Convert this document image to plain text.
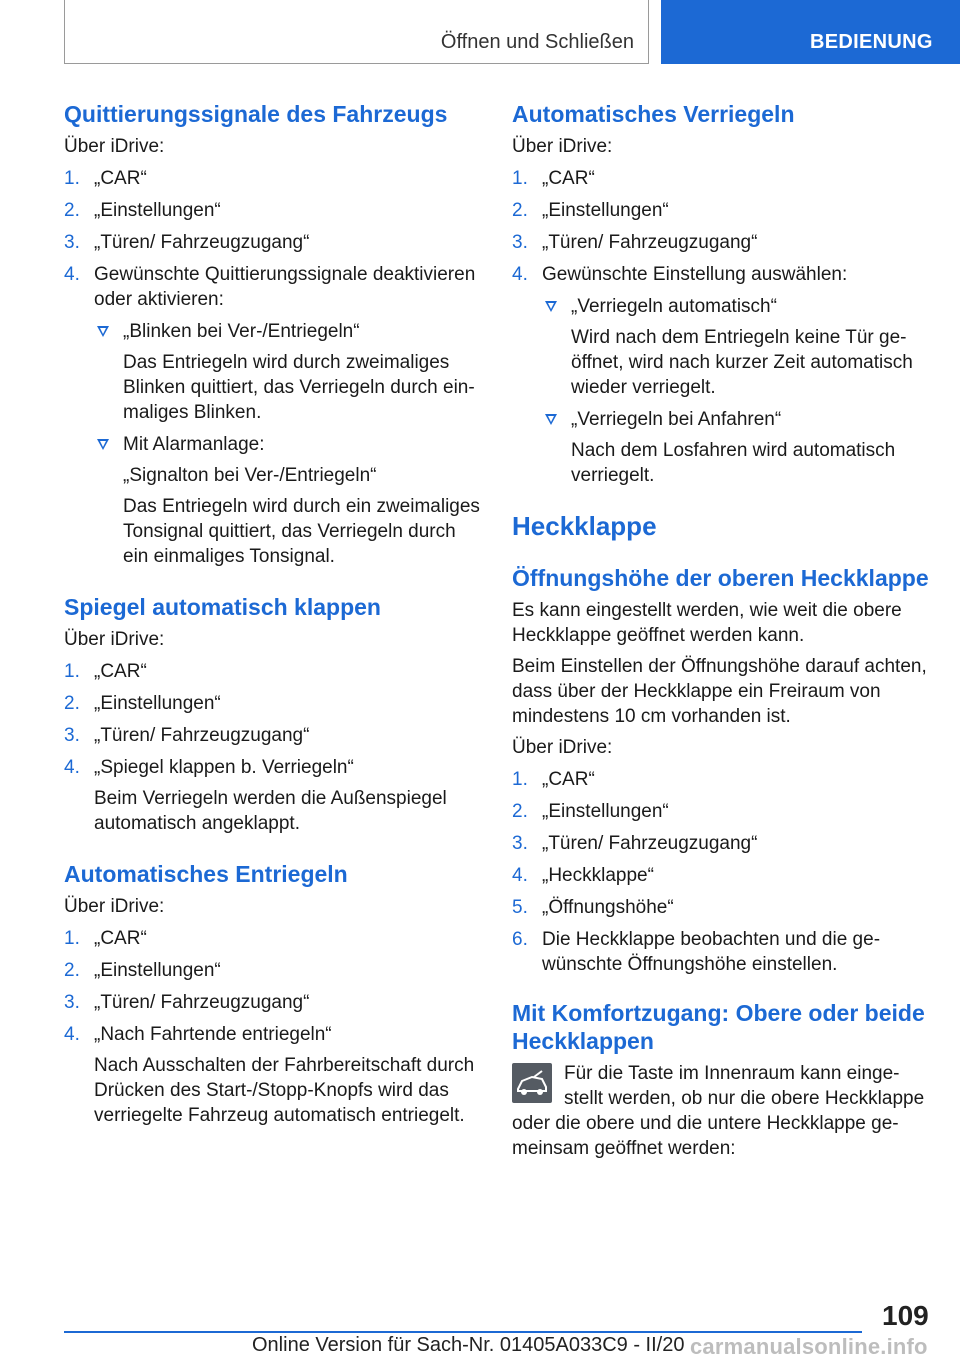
Öffnen und Schließen	BEDIENUNG
Quittierungssignale des Fahrzeugs
Über iDrive:
1. „CAR“
2. „Einstellungen“
3. „Türen/ Fahrzeugzugang“
4. Gewünschte Quittierungssignale deaktivieren oder aktivieren:
„Blinken bei Ver-/Entriegeln“
Das Entriegeln wird durch zweimaliges Blinken quittiert, das Verriegeln durch einmaliges Blinken.
Mit Alarmanlage:
„Signalton bei Ver-/Entriegeln“
Das Entriegeln wird durch ein zweimaliges Tonsignal quittiert, das Verriegeln durch ein einmaliges Tonsignal.
Spiegel automatisch klappen
Über iDrive:
1. „CAR“
2. „Einstellungen“
3. „Türen/ Fahrzeugzugang“
4. „Spiegel klappen b. Verriegeln“
Beim Verriegeln werden die Außenspiegel automatisch angeklappt.
Automatisches Entriegeln
Über iDrive:
1. „CAR“
2. „Einstellungen“
3. „Türen/ Fahrzeugzugang“
4. „Nach Fahrtende entriegeln“
Nach Ausschalten der Fahrbereitschaft durch Drücken des Start-/Stopp-Knopfs wird das verriegelte Fahrzeug automatisch entriegelt.
Automatisches Verriegeln
Über iDrive:
1. „CAR“
2. „Einstellungen“
3. „Türen/ Fahrzeugzugang“
4. Gewünschte Einstellung auswählen:
„Verriegeln automatisch“
Wird nach dem Entriegeln keine Tür geöffnet, wird nach kurzer Zeit automatisch wieder verriegelt.
„Verriegeln bei Anfahren“
Nach dem Losfahren wird automatisch verriegelt.
Heckklappe
Öffnungshöhe der oberen Heckklappe
Es kann eingestellt werden, wie weit die obere Heckklappe geöffnet werden kann.
Beim Einstellen der Öffnungshöhe darauf achten, dass über der Heckklappe ein Freiraum von mindestens 10 cm vorhanden ist.
Über iDrive:
1. „CAR“
2. „Einstellungen“
3. „Türen/ Fahrzeugzugang“
4. „Heckklappe“
5. „Öffnungshöhe“
6. Die Heckklappe beobachten und die gewünschte Öffnungshöhe einstellen.
Mit Komfortzugang: Obere oder beide Heckklappen
Für die Taste im Innenraum kann eingestellt werden, ob nur die obere Heckklappe oder die obere und die untere Heckklappe gemeinsam geöffnet werden:
109
Online Version für Sach-Nr. 01405A033C9 - II/20 carmanualsonline.info
